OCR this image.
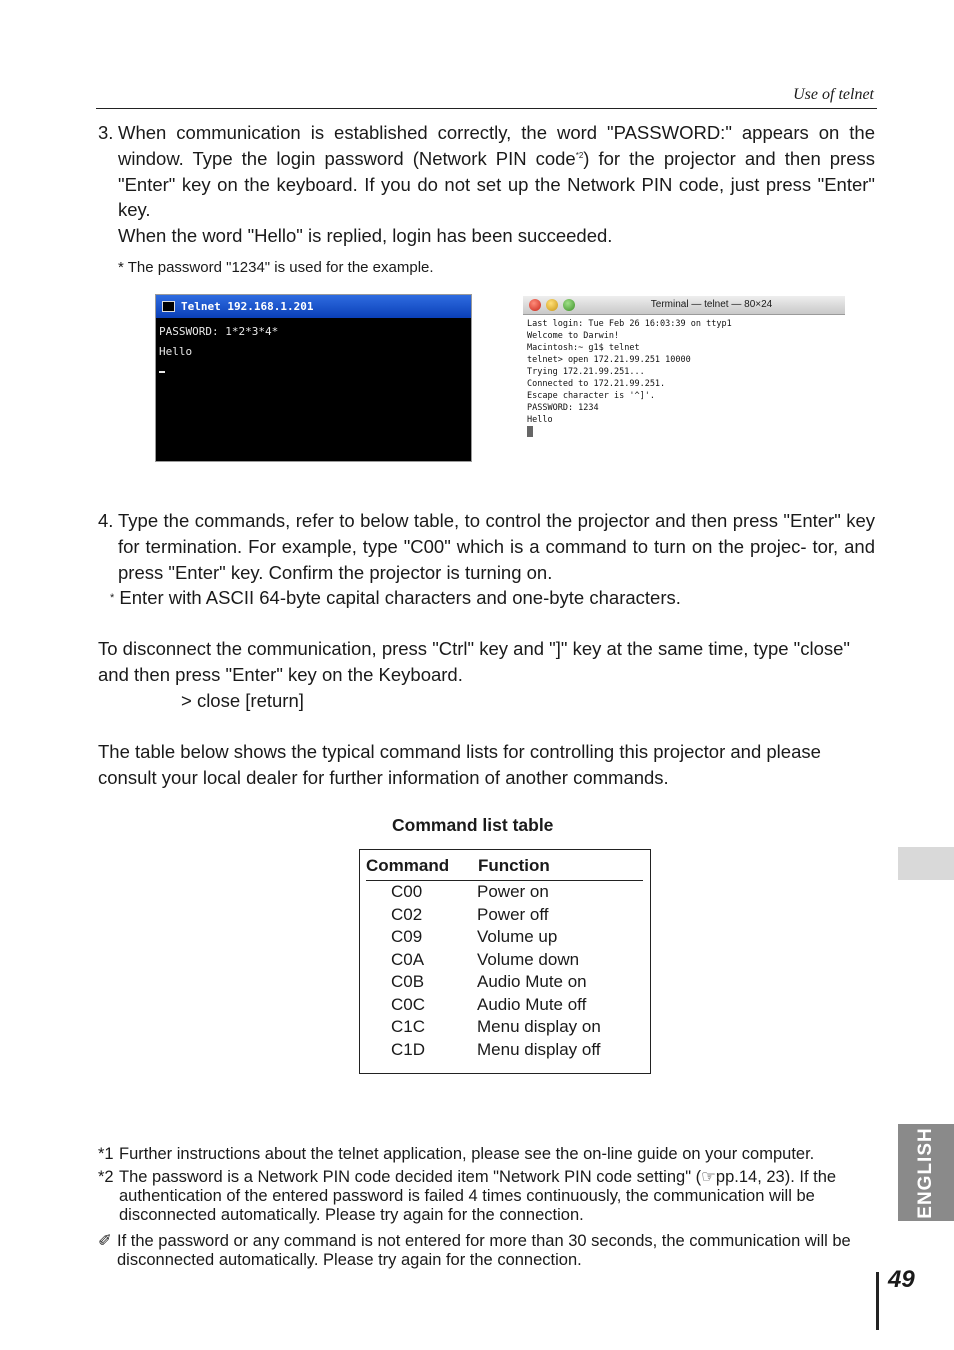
Use of telnet
3. When communication is established correctly, the word "PASSWORD:" appears on the window. Type the login password (Network PIN code$^{*2}$) for the projector and then press "Enter" key on the keyboard. If you do not set up the Network PIN code, just press "Enter" key.
When the word "Hello" is replied, login has been succeeded.
* The password "1234" is used for the example.
Telnet 192.168.1.201
PASSWORD: 1*2*3*4*
Hello
Terminal — telnet — 80×24
Last login: Tue Feb 26 16:03:39 on ttyp1
Welcome to Darwin!
Macintosh:~ g1$ telnet
telnet> open 172.21.99.251 10000
Trying 172.21.99.251...
Connected to 172.21.99.251.
Escape character is '^]'.
PASSWORD: 1234
Hello
4. Type the commands, refer to below table, to control the projector and then press "Enter" key for termination. For example, type "C00" which is a command to turn on the projec- tor, and press "Enter" key. Confirm the projector is turning on.
* Enter with ASCII 64-byte capital characters and one-byte characters.
To disconnect the communication, press "Ctrl" key and "]" key at the same time, type "close" and then press "Enter" key on the Keyboard.
> close [return]
The table below shows the typical command lists for controlling this projector and please consult your local dealer for further information of another commands.
Command list table
Command Function
C00	Power on
C02	Power off
C09	Volume up
C0A	Volume down
C0B	Audio Mute on
C0C	Audio Mute off
C1C	Menu display on
C1D	Menu display off
*1 Further instructions about the telnet application, please see the on-line guide on your computer.
*2 The password is a Network PIN code decided item "Network PIN code setting" (☞pp.14, 23). If the authentication of the entered password is failed 4 times continuously, the communication will be disconnected automatically. Please try again for the connection.
✐ If the password or any command is not entered for more than 30 seconds, the communication will be disconnected automatically. Please try again for the connection.
ENGLISH
49
